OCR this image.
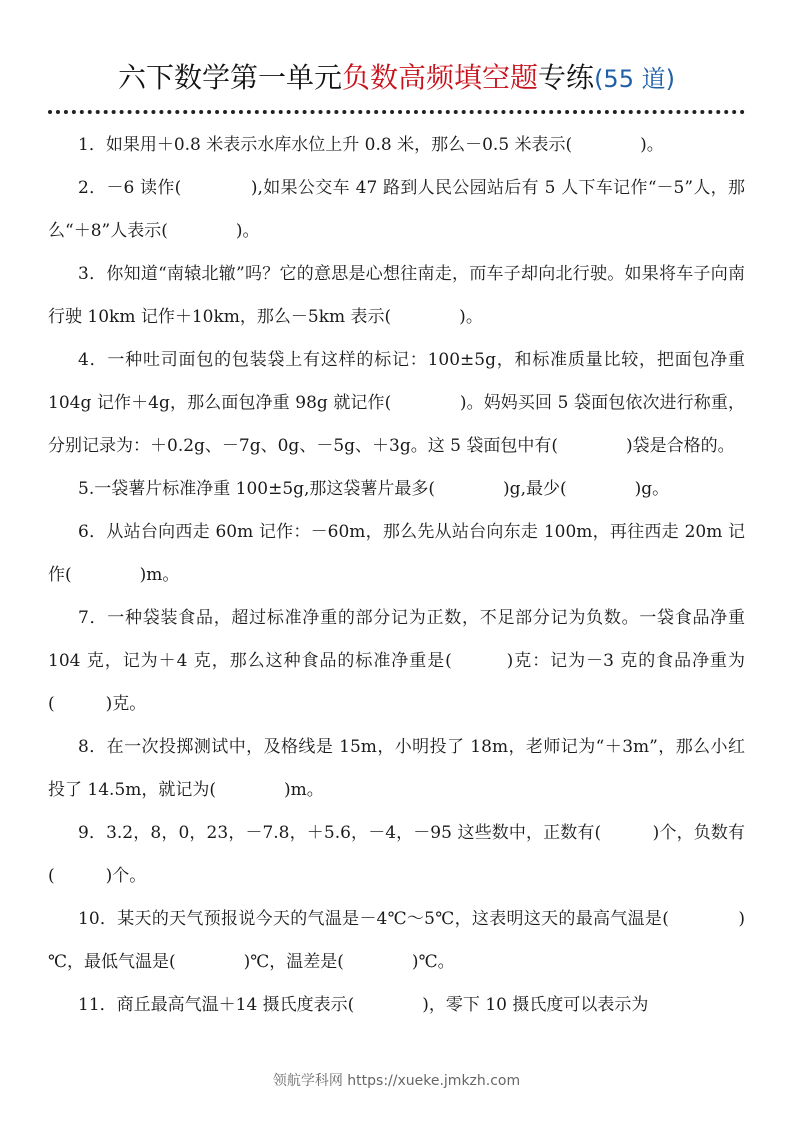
六下数学第一单元负数高频填空题专练(55 道)

1．如果用＋0.8 米表示水库水位上升 0.8 米，那么－0.5 米表示(　　　　)。

2．－6 读作(　　　　),如果公交车 47 路到人民公园站后有 5 人下车记作“－5”人，那么“＋8”人表示(　　　　)。

3．你知道“南辕北辙”吗？它的意思是心想往南走，而车子却向北行驶。如果将车子向南行驶 10km 记作＋10km，那么－5km 表示(　　　　)。

4．一种吐司面包的包装袋上有这样的标记：100±5g，和标准质量比较，把面包净重 104g 记作＋4g，那么面包净重 98g 就记作(　　　　)。妈妈买回 5 袋面包依次进行称重，分别记录为：＋0.2g、－7g、0g、－5g、＋3g。这 5 袋面包中有(　　　　)袋是合格的。

5.一袋薯片标准净重 100±5g,那这袋薯片最多(　　　　)g,最少(　　　　)g。

6．从站台向西走 60m 记作：－60m，那么先从站台向东走 100m，再往西走 20m 记作(　　　　)m。

7．一种袋装食品，超过标准净重的部分记为正数，不足部分记为负数。一袋食品净重 104 克，记为＋4 克，那么这种食品的标准净重是(　　　)克：记为－3 克的食品净重为(　　　)克。

8．在一次投掷测试中，及格线是 15m，小明投了 18m，老师记为“＋3m”，那么小红投了 14.5m，就记为(　　　　)m。

9．3.2，8，0，23，－7.8，＋5.6，－4，－95 这些数中，正数有(　　　)个，负数有(　　　)个。

10．某天的天气预报说今天的气温是－4℃～5℃，这表明这天的最高气温是(　　　　)℃，最低气温是(　　　　)℃，温差是(　　　　)℃。

11．商丘最高气温＋14 摄氏度表示(　　　　)，零下 10 摄氏度可以表示为

领航学科网 https://xueke.jmkzh.com
